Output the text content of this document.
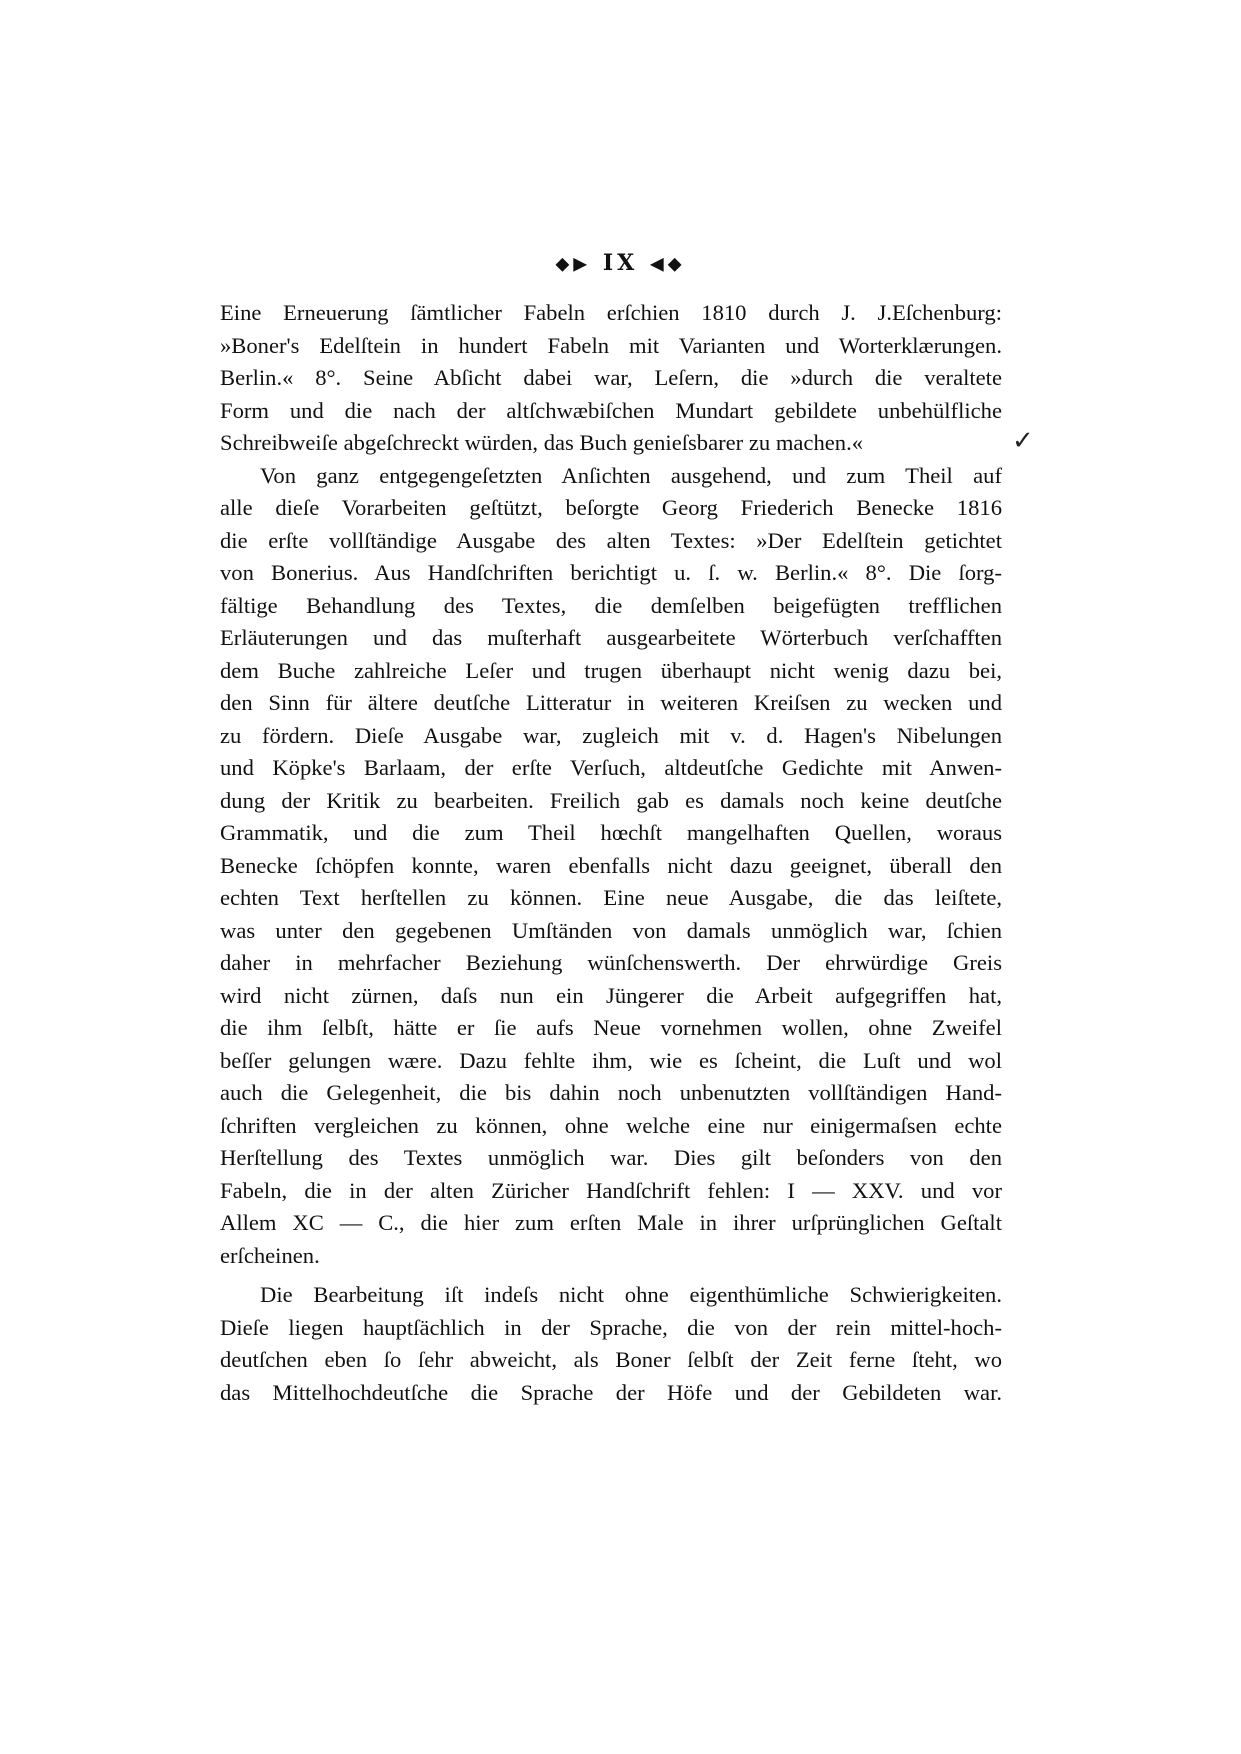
◆▶ IX ◀◆
✓
Eine Erneuerung ſämtlicher Fabeln erſchien 1810 durch J. J.Eſchenburg:
»Boner's Edelſtein in hundert Fabeln mit Varianten und Worterklærungen.
Berlin.« 8°. Seine Abſicht dabei war, Leſern, die »durch die veraltete
Form und die nach der altſchwæbiſchen Mundart gebildete unbehülfliche
Schreibweiſe abgeſchreckt würden, das Buch genieſsbarer zu machen.«
Von ganz entgegengeſetzten Anſichten ausgehend, und zum Theil auf
alle dieſe Vorarbeiten geſtützt, beſorgte Georg Friederich Benecke 1816
die erſte vollſtändige Ausgabe des alten Textes: »Der Edelſtein getichtet
von Bonerius. Aus Handſchriften berichtigt u. ſ. w. Berlin.« 8°. Die ſorg-
fältige Behandlung des Textes, die demſelben beigefügten trefflichen
Erläuterungen und das muſterhaft ausgearbeitete Wörterbuch verſchafften
dem Buche zahlreiche Leſer und trugen überhaupt nicht wenig dazu bei,
den Sinn für ältere deutſche Litteratur in weiteren Kreiſsen zu wecken und
zu fördern. Dieſe Ausgabe war, zugleich mit v. d. Hagen's Nibelungen
und Köpke's Barlaam, der erſte Verſuch, altdeutſche Gedichte mit Anwen-
dung der Kritik zu bearbeiten. Freilich gab es damals noch keine deutſche
Grammatik, und die zum Theil hœchſt mangelhaften Quellen, woraus
Benecke ſchöpfen konnte, waren ebenfalls nicht dazu geeignet, überall den
echten Text herſtellen zu können. Eine neue Ausgabe, die das leiſtete,
was unter den gegebenen Umſtänden von damals unmöglich war, ſchien
daher in mehrfacher Beziehung wünſchenswerth. Der ehrwürdige Greis
wird nicht zürnen, daſs nun ein Jüngerer die Arbeit aufgegriffen hat,
die ihm ſelbſt, hätte er ſie aufs Neue vornehmen wollen, ohne Zweifel
beſſer gelungen wære. Dazu fehlte ihm, wie es ſcheint, die Luſt und wol
auch die Gelegenheit, die bis dahin noch unbenutzten vollſtändigen Hand-
ſchriften vergleichen zu können, ohne welche eine nur einigermaſsen echte
Herſtellung des Textes unmöglich war. Dies gilt beſonders von den
Fabeln, die in der alten Züricher Handſchrift fehlen: I — XXV. und vor
Allem XC — C., die hier zum erſten Male in ihrer urſprünglichen Geſtalt
erſcheinen.
Die Bearbeitung iſt indeſs nicht ohne eigenthümliche Schwierigkeiten.
Dieſe liegen hauptſächlich in der Sprache, die von der rein mittel-hoch-
deutſchen eben ſo ſehr abweicht, als Boner ſelbſt der Zeit ferne ſteht, wo
das Mittelhochdeutſche die Sprache der Höfe und der Gebildeten war.
